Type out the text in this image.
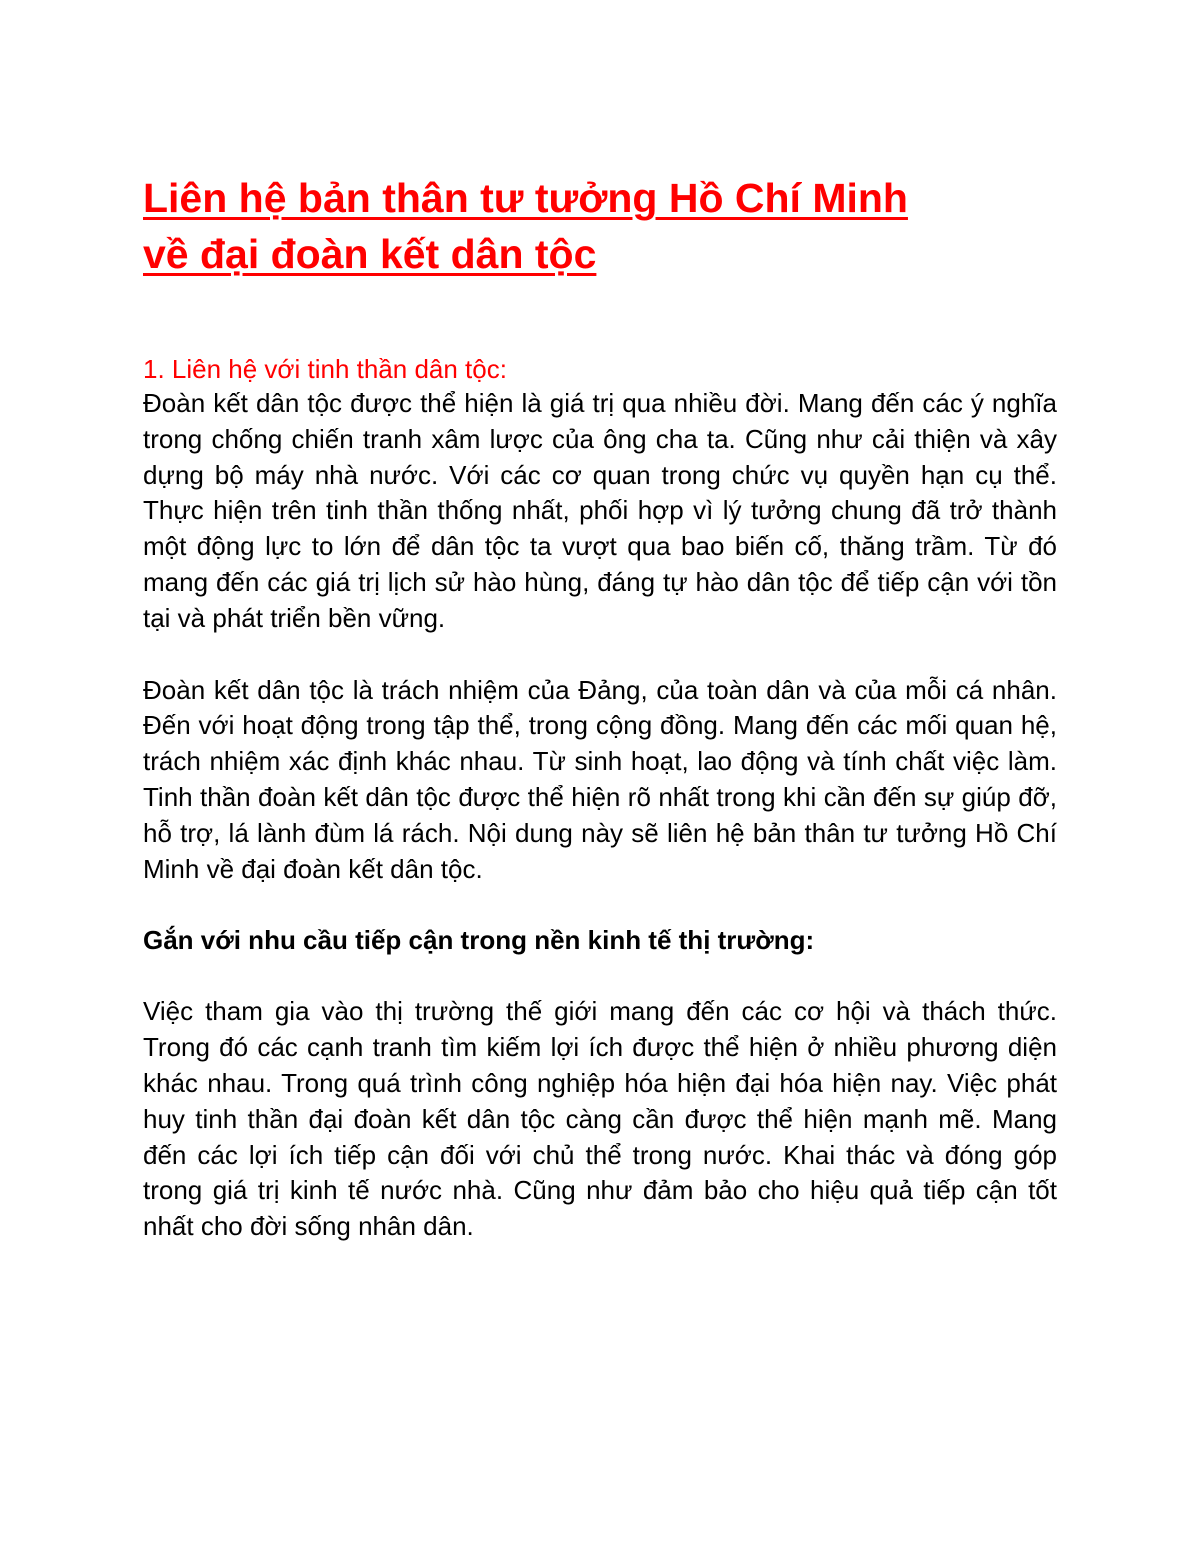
Liên hệ bản thân tư tưởng Hồ Chí Minh
về đại đoàn kết dân tộc
1. Liên hệ với tinh thần dân tộc:

Đoàn kết dân tộc được thể hiện là giá trị qua nhiều đời. Mang đến các ý nghĩa trong chống chiến tranh xâm lược của ông cha ta. Cũng như cải thiện và xây dựng bộ máy nhà nước. Với các cơ quan trong chức vụ quyền hạn cụ thể. Thực hiện trên tinh thần thống nhất, phối hợp vì lý tưởng chung đã trở thành một động lực to lớn để dân tộc ta vượt qua bao biến cố, thăng trầm. Từ đó mang đến các giá trị lịch sử hào hùng, đáng tự hào dân tộc để tiếp cận với tồn tại và phát triển bền vững.

Đoàn kết dân tộc là trách nhiệm của Đảng, của toàn dân và của mỗi cá nhân. Đến với hoạt động trong tập thể, trong cộng đồng. Mang đến các mối quan hệ, trách nhiệm xác định khác nhau. Từ sinh hoạt, lao động và tính chất việc làm. Tinh thần đoàn kết dân tộc được thể hiện rõ nhất trong khi cần đến sự giúp đỡ, hỗ trợ, lá lành đùm lá rách. Nội dung này sẽ liên hệ bản thân tư tưởng Hồ Chí Minh về đại đoàn kết dân tộc.

Gắn với nhu cầu tiếp cận trong nền kinh tế thị trường:

Việc tham gia vào thị trường thế giới mang đến các cơ hội và thách thức. Trong đó các cạnh tranh tìm kiếm lợi ích được thể hiện ở nhiều phương diện khác nhau. Trong quá trình công nghiệp hóa hiện đại hóa hiện nay. Việc phát huy tinh thần đại đoàn kết dân tộc càng cần được thể hiện mạnh mẽ. Mang đến các lợi ích tiếp cận đối với chủ thể trong nước. Khai thác và đóng góp trong giá trị kinh tế nước nhà. Cũng như đảm bảo cho hiệu quả tiếp cận tốt nhất cho đời sống nhân dân.
